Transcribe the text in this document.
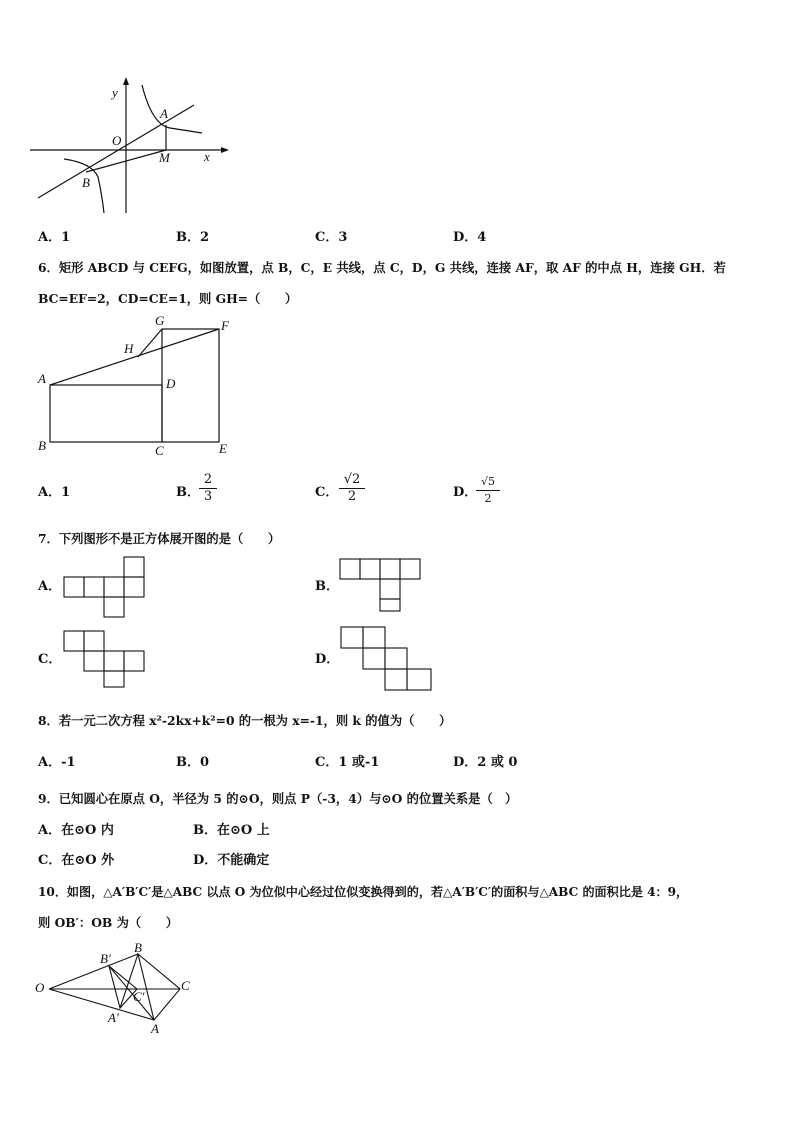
y
x
O
A
B
M
A．1	B．2	C．3	D．4
6．矩形 ABCD 与 CEFG，如图放置，点 B，C，E 共线，点 C，D，G 共线，连接 AF，取 AF 的中点 H，连接 GH．若
BC=EF=2，CD=CE=1，则 GH=（　　）
A
B	C
D
E
F
G
H
A．1	B． $\frac{2}{3}$	C． $\frac{√2}{2}$	D．
$\frac{√5}{2}$
7．下列图形不是正方体展开图的是（　　）
A．	B．
C．	D．
8．若一元二次方程 x²-2kx+k²=0 的一根为 x=-1，则 k 的值为（　　）
A．-1	B．0	C．1 或-1	D．2 或 0
9．已知圆心在原点 O，半径为 5 的⊙O，则点 P（-3，4）与⊙O 的位置关系是（　）
A．在⊙O 内	B．在⊙O 上
C．在⊙O 外	D．不能确定
10．如图，△A′B′C′是△ABC 以点 O 为位似中心经过位似变换得到的，若△A′B′C′的面积与△ABC 的面积比是 4：9，
则 OB′：OB 为（　　）
O
B′
B
C′
C
A′
A
